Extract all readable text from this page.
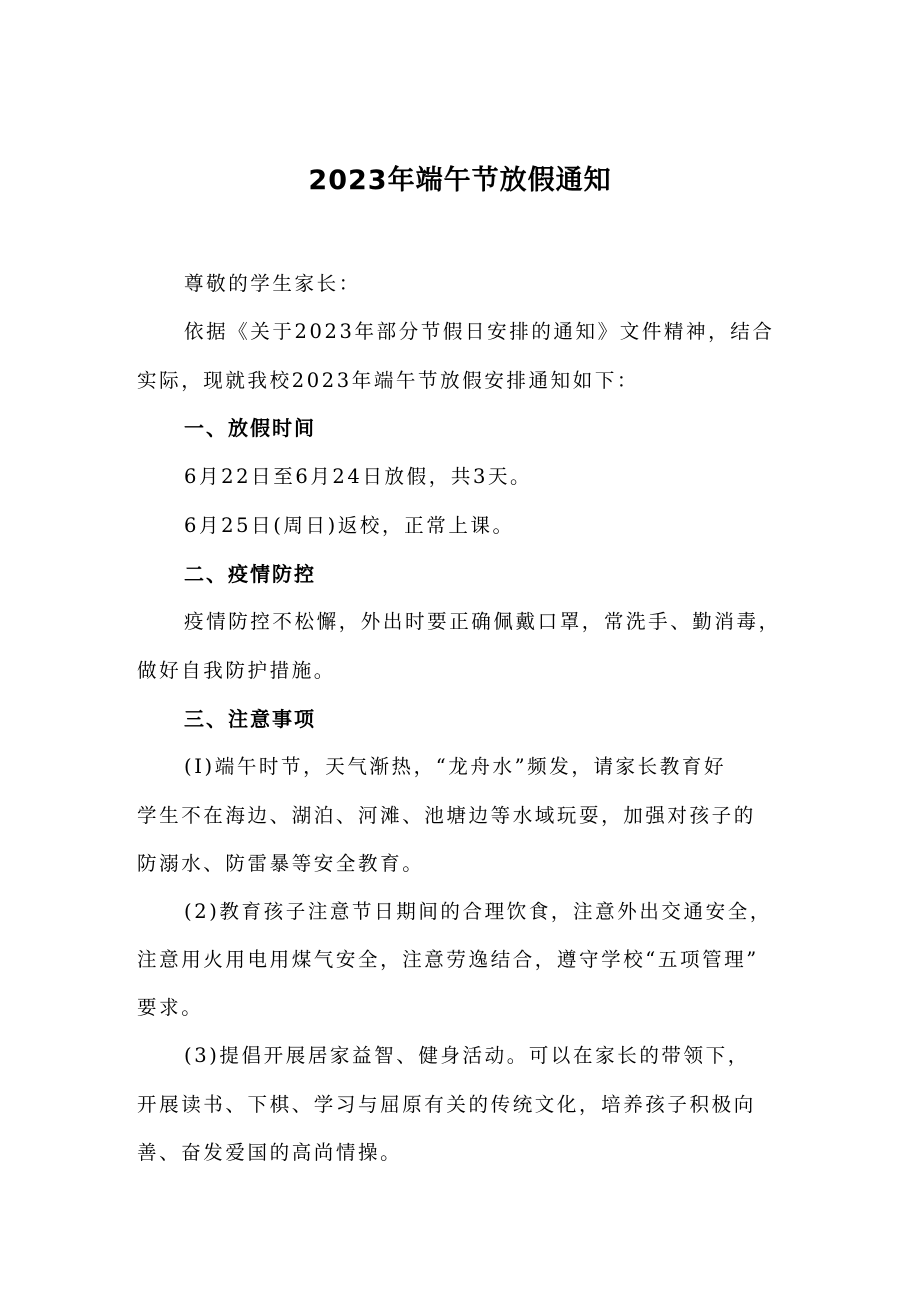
2023年端午节放假通知

尊敬的学生家长：

依据《关于2023年部分节假日安排的通知》文件精神，结合

实际，现就我校2023年端午节放假安排通知如下：

一、放假时间

6月22日至6月24日放假，共3天。

6月25日(周日)返校，正常上课。

二、疫情防控

疫情防控不松懈，外出时要正确佩戴口罩，常洗手、勤消毒，

做好自我防护措施。

三、注意事项

(I)端午时节，天气渐热，“龙舟水”频发，请家长教育好

学生不在海边、湖泊、河滩、池塘边等水域玩耍，加强对孩子的

防溺水、防雷暴等安全教育。

(2)教育孩子注意节日期间的合理饮食，注意外出交通安全，

注意用火用电用煤气安全，注意劳逸结合，遵守学校“五项管理”

要求。

(3)提倡开展居家益智、健身活动。可以在家长的带领下，

开展读书、下棋、学习与屈原有关的传统文化，培养孩子积极向

善、奋发爱国的高尚情操。
